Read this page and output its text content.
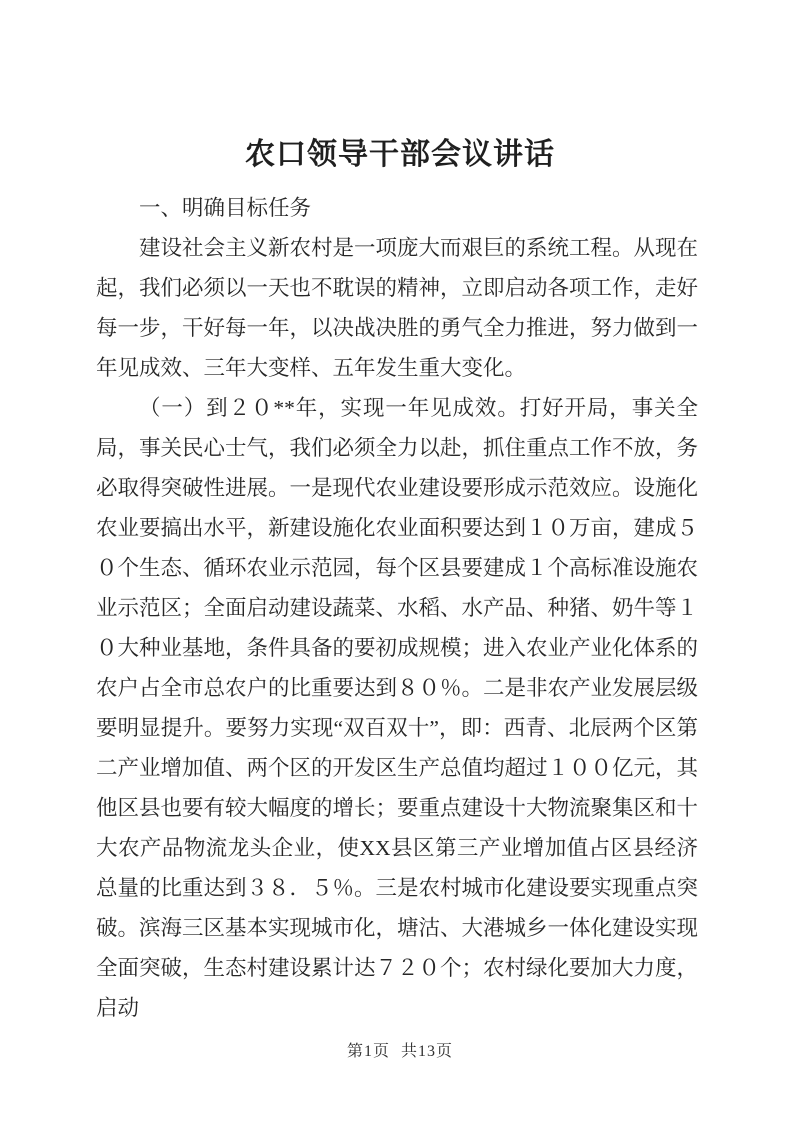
农口领导干部会议讲话

一、明确目标任务

建设社会主义新农村是一项庞大而艰巨的系统工程。从现在起，我们必须以一天也不耽误的精神，立即启动各项工作，走好每一步，干好每一年，以决战决胜的勇气全力推进，努力做到一年见成效、三年大变样、五年发生重大变化。

（一）到２０**年，实现一年见成效。打好开局，事关全局，事关民心士气，我们必须全力以赴，抓住重点工作不放，务必取得突破性进展。一是现代农业建设要形成示范效应。设施化农业要搞出水平，新建设施化农业面积要达到１０万亩，建成５０个生态、循环农业示范园，每个区县要建成１个高标准设施农业示范区；全面启动建设蔬菜、水稻、水产品、种猪、奶牛等１０大种业基地，条件具备的要初成规模；进入农业产业化体系的农户占全市总农户的比重要达到８０％。二是非农产业发展层级要明显提升。要努力实现“双百双十”，即：西青、北辰两个区第二产业增加值、两个区的开发区生产总值均超过１００亿元，其他区县也要有较大幅度的增长；要重点建设十大物流聚集区和十大农产品物流龙头企业，使XX县区第三产业增加值占区县经济总量的比重达到３８．５％。三是农村城市化建设要实现重点突破。滨海三区基本实现城市化，塘沽、大港城乡一体化建设实现全面突破，生态村建设累计达７２０个；农村绿化要加大力度，启动

第1页 共13页
